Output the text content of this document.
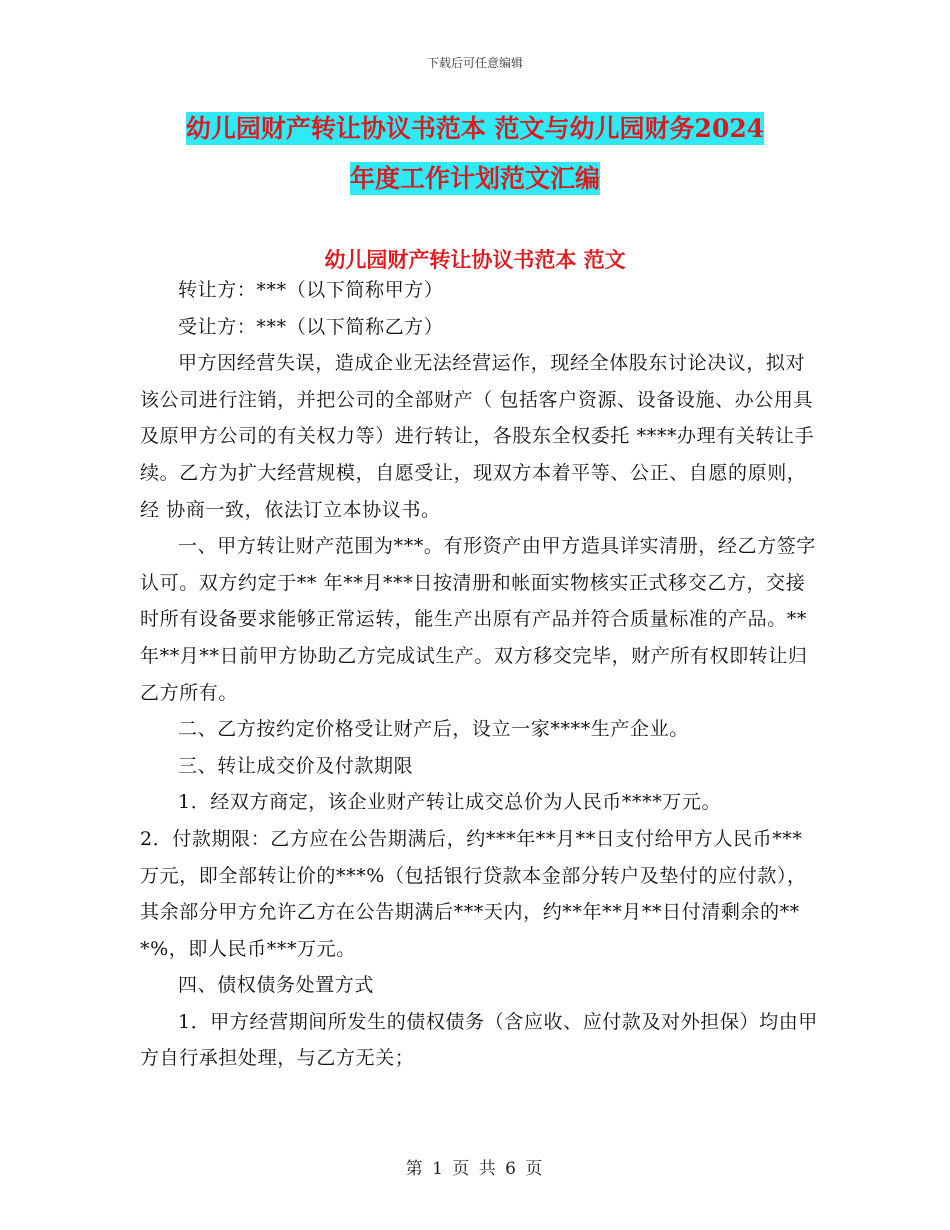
下载后可任意编辑
幼儿园财产转让协议书范本 范文与幼儿园财务2024
年度工作计划范文汇编
幼儿园财产转让协议书范本 范文

转让方：***（以下简称甲方）

受让方：***（以下简称乙方）

甲方因经营失误，造成企业无法经营运作，现经全体股东讨论决议，拟对该公司进行注销，并把公司的全部财产（ 包括客户资源、设备设施、办公用具及原甲方公司的有关权力等）进行转让，各股东全权委托 ****办理有关转让手续。乙方为扩大经营规模，自愿受让，现双方本着平等、公正、自愿的原则，经 协商一致，依法订立本协议书。

一、甲方转让财产范围为***。有形资产由甲方造具详实清册，经乙方签字认可。双方约定于** 年**月***日按清册和帐面实物核实正式移交乙方，交接时所有设备要求能够正常运转，能生产出原有产品并符合质量标准的产品。**年**月**日前甲方协助乙方完成试生产。双方移交完毕，财产所有权即转让归乙方所有。

二、乙方按约定价格受让财产后，设立一家****生产企业。

三、转让成交价及付款期限

1．经双方商定，该企业财产转让成交总价为人民币****万元。

2．付款期限：乙方应在公告期满后，约***年**月**日支付给甲方人民币***万元，即全部转让价的***%（包括银行贷款本金部分转户及垫付的应付款），其余部分甲方允许乙方在公告期满后***天内，约**年**月**日付清剩余的***%，即人民币***万元。

四、债权债务处置方式

1．甲方经营期间所发生的债权债务（含应收、应付款及对外担保）均由甲方自行承担处理，与乙方无关；

第 1 页 共 6 页
